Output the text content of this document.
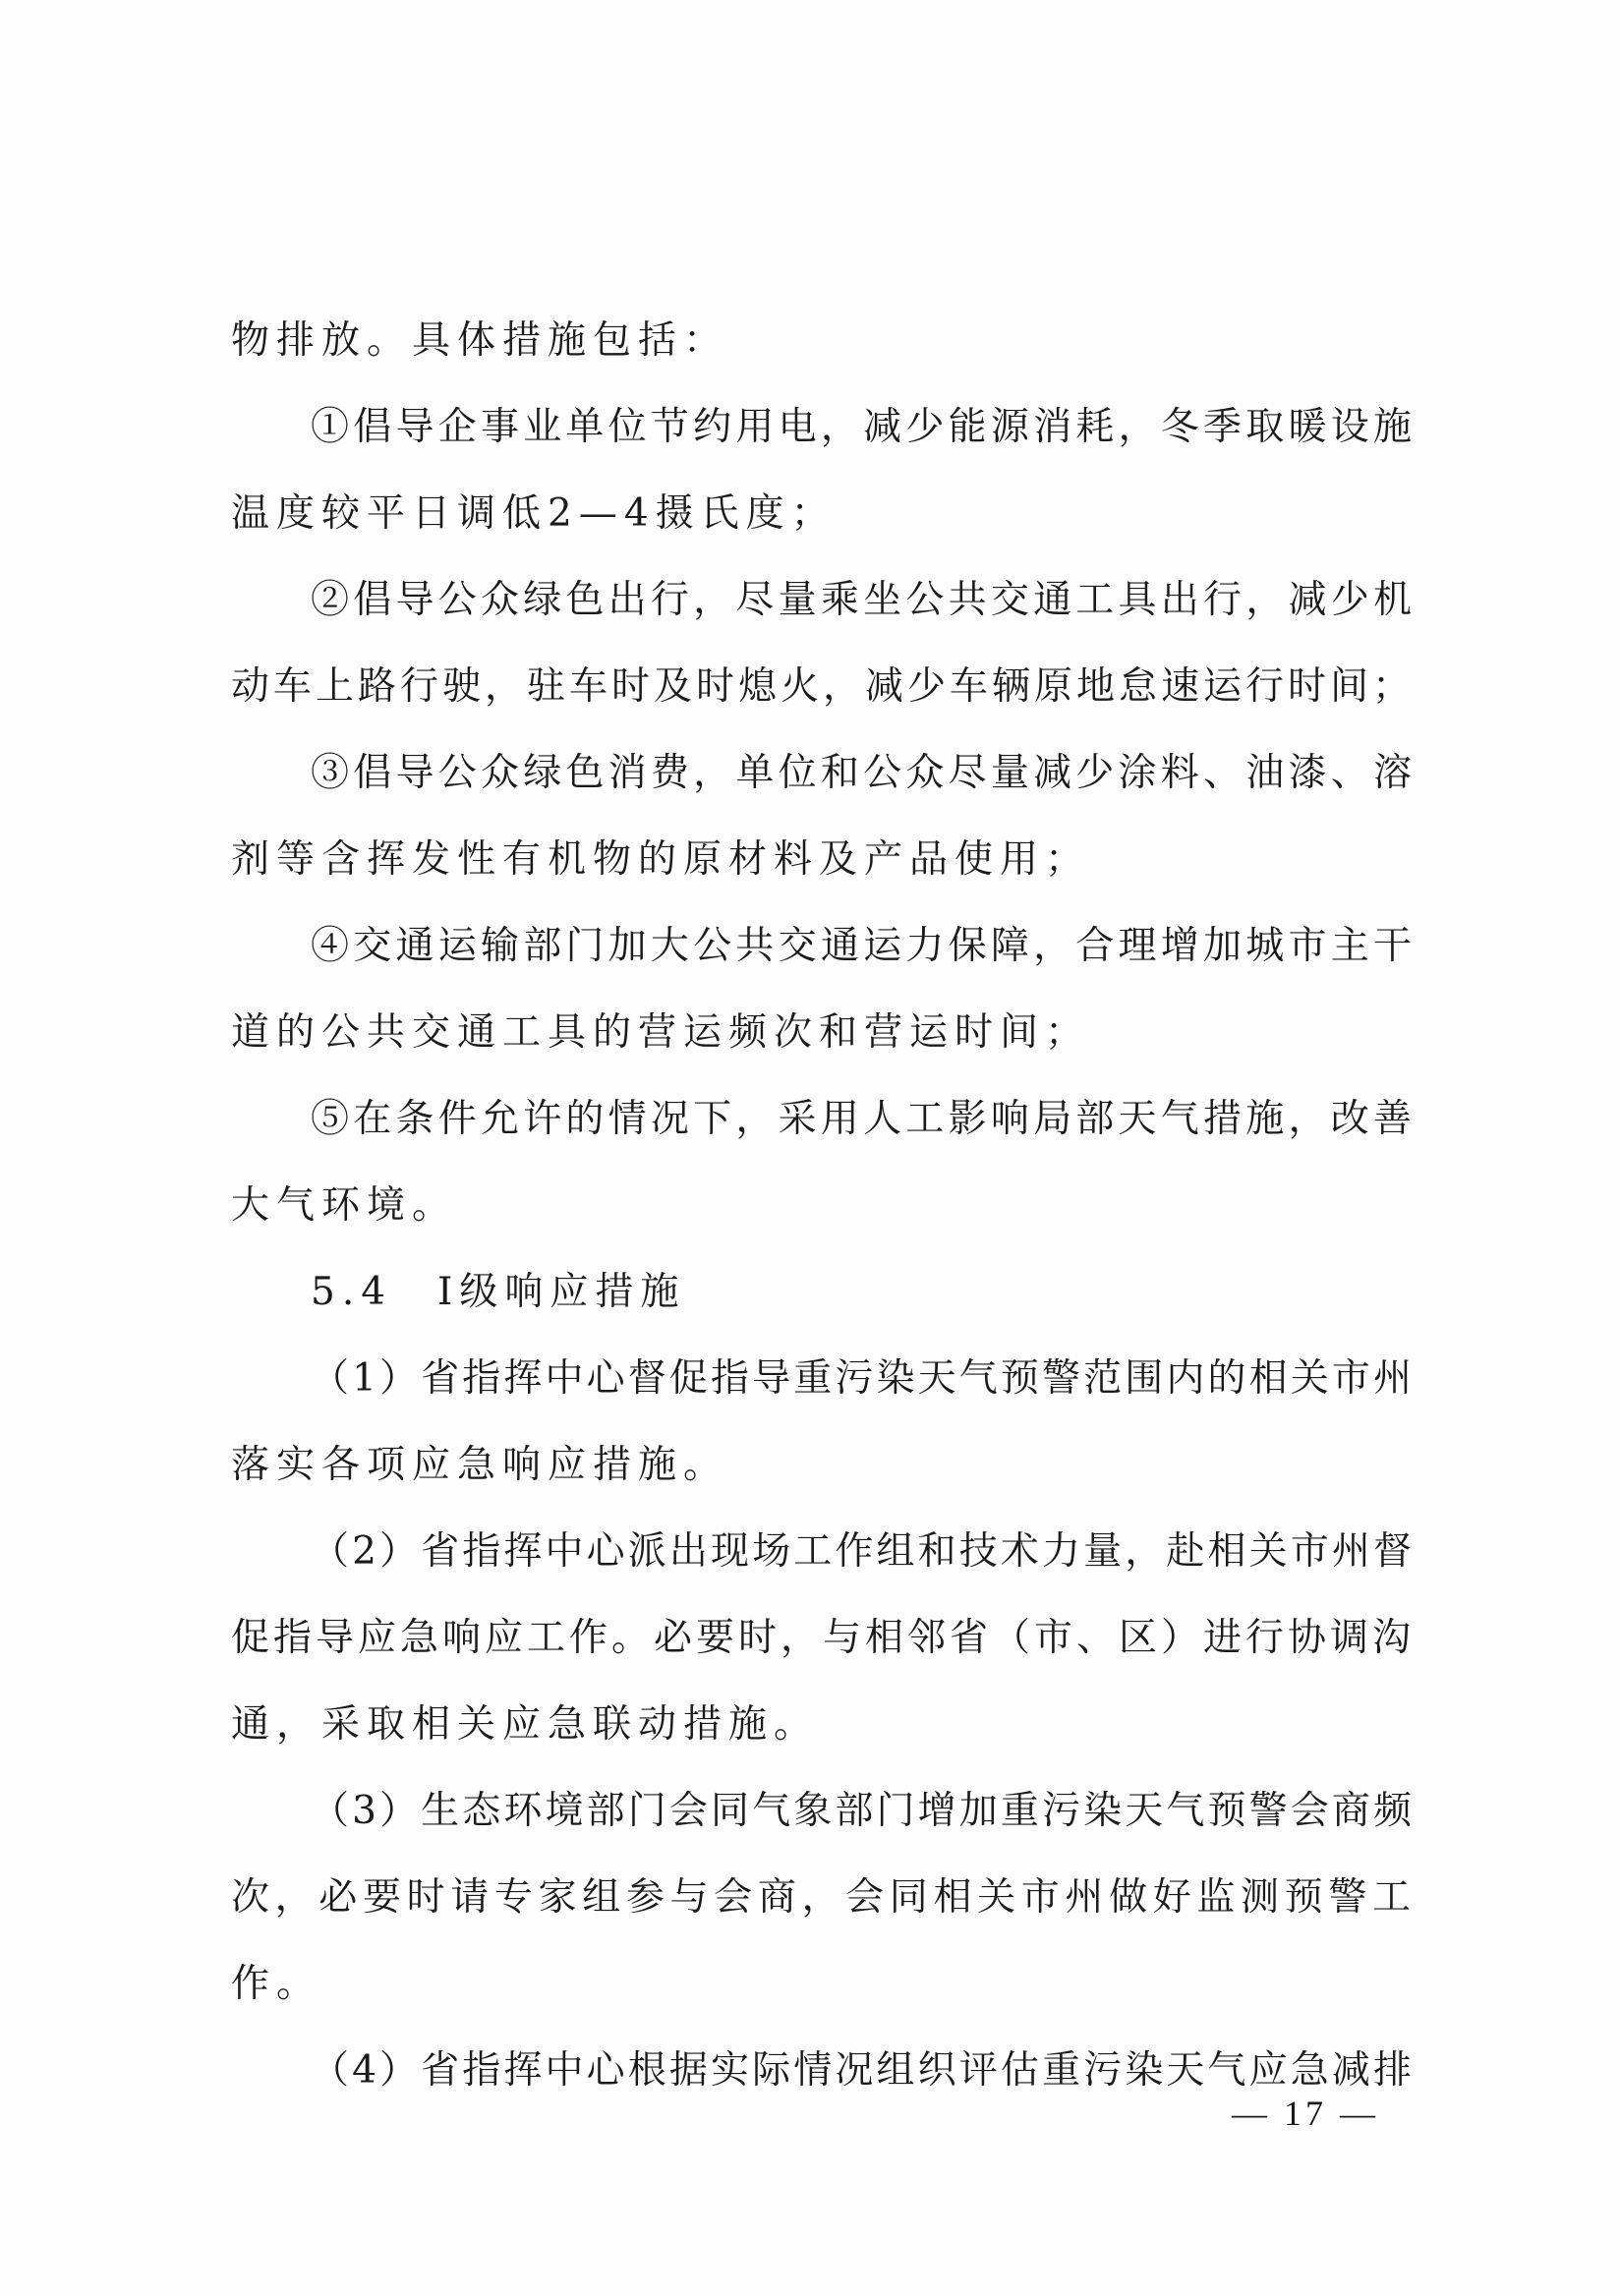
物排放。具体措施包括：
①倡导企事业单位节约用电，减少能源消耗，冬季取暖设施
温度较平日调低2—4摄氏度；
②倡导公众绿色出行，尽量乘坐公共交通工具出行，减少机
动车上路行驶，驻车时及时熄火，减少车辆原地怠速运行时间；
③倡导公众绿色消费，单位和公众尽量减少涂料、油漆、溶
剂等含挥发性有机物的原材料及产品使用；
④交通运输部门加大公共交通运力保障，合理增加城市主干
道的公共交通工具的营运频次和营运时间；
⑤在条件允许的情况下，采用人工影响局部天气措施，改善
大气环境。
5.4　Ⅰ级响应措施
（1）省指挥中心督促指导重污染天气预警范围内的相关市州
落实各项应急响应措施。
（2）省指挥中心派出现场工作组和技术力量，赴相关市州督
促指导应急响应工作。必要时，与相邻省（市、区）进行协调沟
通，采取相关应急联动措施。
（3）生态环境部门会同气象部门增加重污染天气预警会商频
次，必要时请专家组参与会商，会同相关市州做好监测预警工
作。
（4）省指挥中心根据实际情况组织评估重污染天气应急减排
— 17 —
